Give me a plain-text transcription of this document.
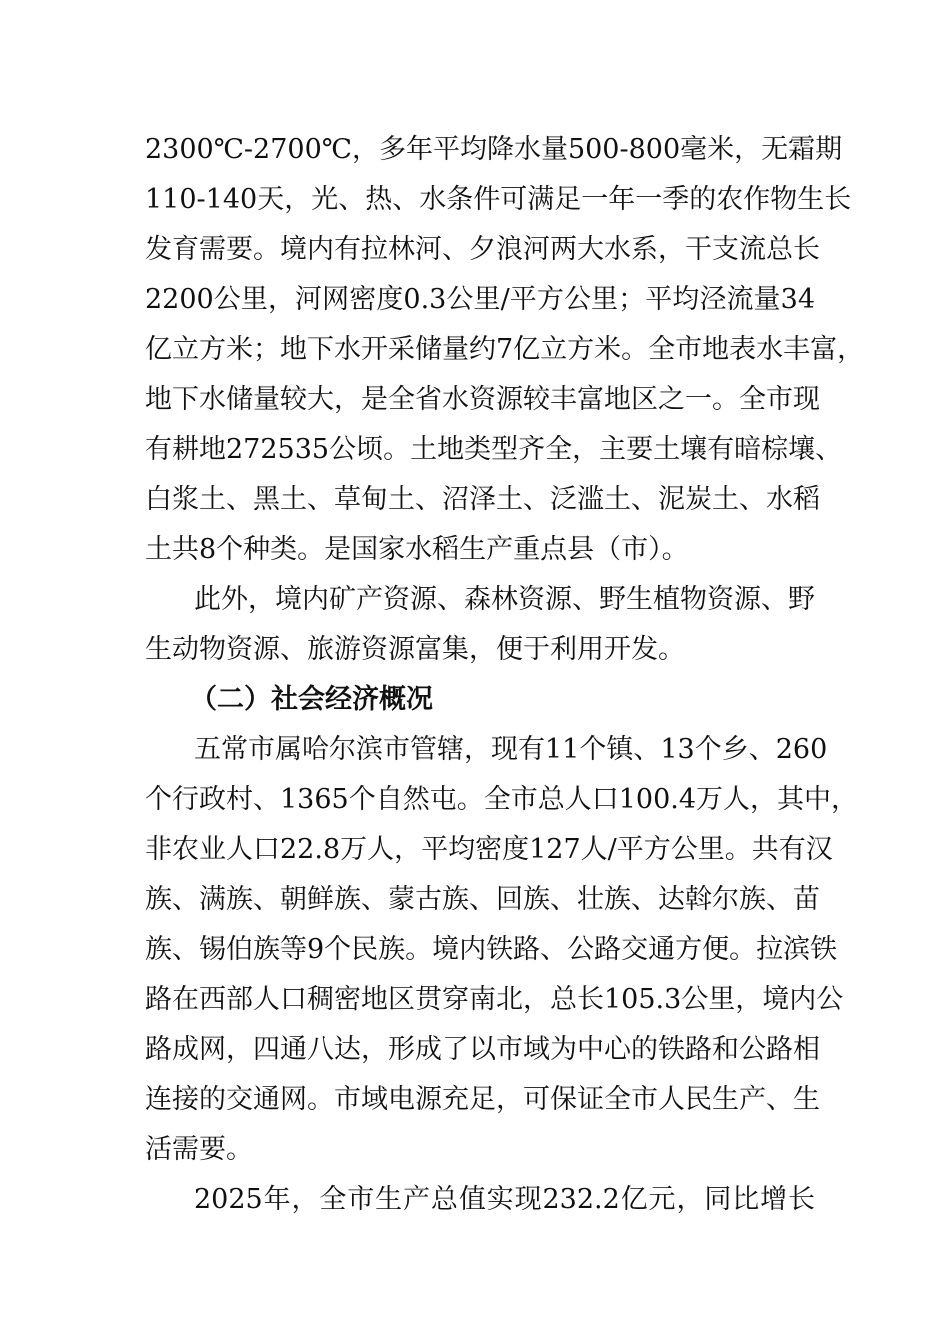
2300℃-2700℃，多年平均降水量500-800毫米，无霜期
110-140天，光、热、水条件可满足一年一季的农作物生长
发育需要。境内有拉林河、夕浪河两大水系，干支流总长
2200公里，河网密度0.3公里/平方公里；平均泾流量34
亿立方米；地下水开采储量约7亿立方米。全市地表水丰富，
地下水储量较大，是全省水资源较丰富地区之一。全市现
有耕地272535公顷。土地类型齐全，主要土壤有暗棕壤、
白浆土、黑土、草甸土、沼泽土、泛滥土、泥炭土、水稻
土共8个种类。是国家水稻生产重点县（市）。
此外，境内矿产资源、森林资源、野生植物资源、野
生动物资源、旅游资源富集，便于利用开发。
（二）社会经济概况
五常市属哈尔滨市管辖，现有11个镇、13个乡、260
个行政村、1365个自然屯。全市总人口100.4万人，其中，
非农业人口22.8万人，平均密度127人/平方公里。共有汉
族、满族、朝鲜族、蒙古族、回族、壮族、达斡尔族、苗
族、锡伯族等9个民族。境内铁路、公路交通方便。拉滨铁
路在西部人口稠密地区贯穿南北，总长105.3公里，境内公
路成网，四通八达，形成了以市域为中心的铁路和公路相
连接的交通网。市域电源充足，可保证全市人民生产、生
活需要。
2025年，全市生产总值实现232.2亿元，同比增长
